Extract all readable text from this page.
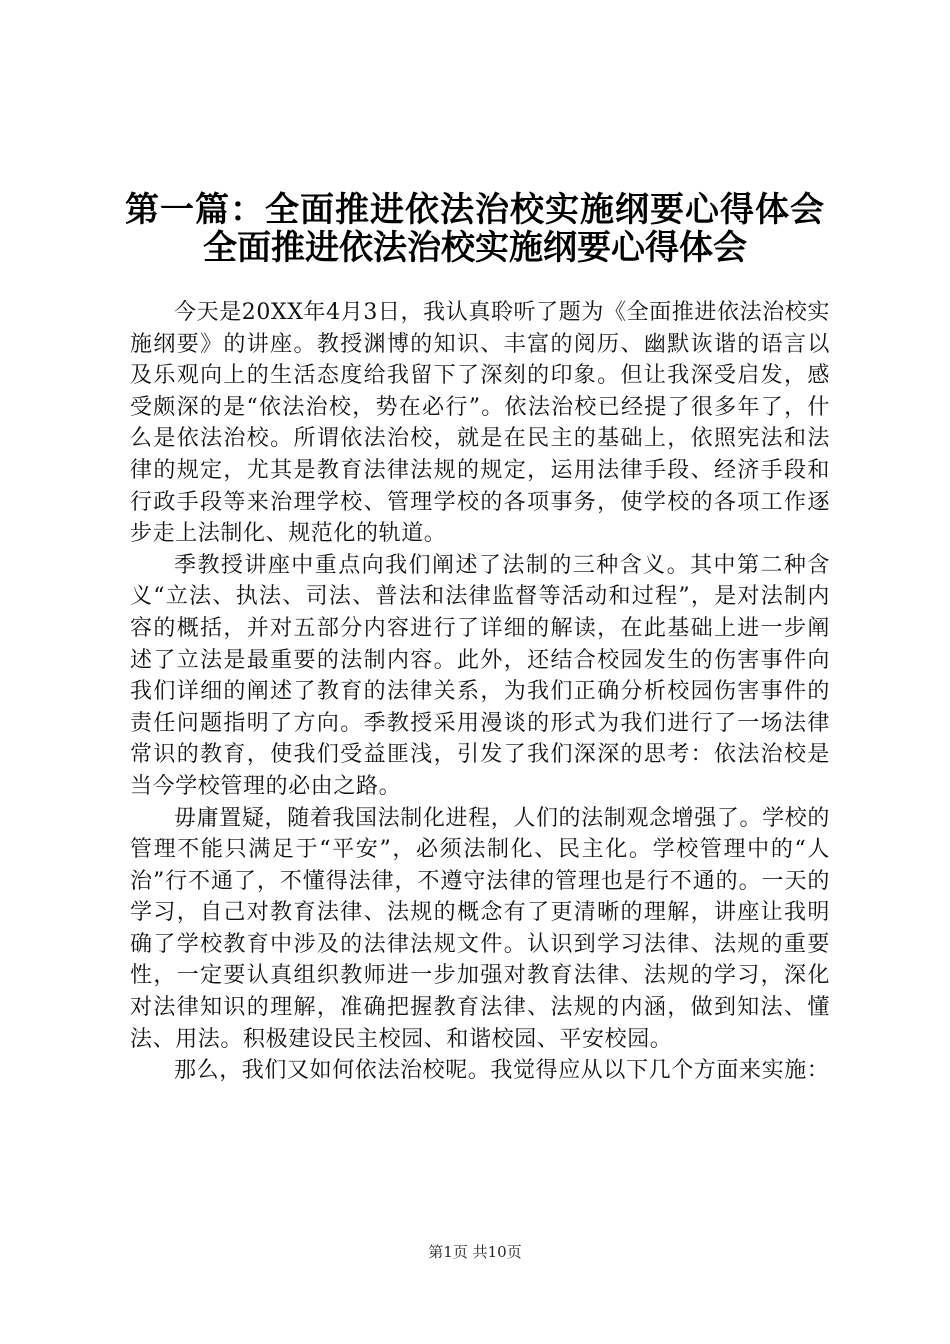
第一篇：全面推进依法治校实施纲要心得体会
全面推进依法治校实施纲要心得体会

今天是20XX年4月3日，我认真聆听了题为《全面推进依法治校实施纲要》的讲座。教授渊博的知识、丰富的阅历、幽默诙谐的语言以及乐观向上的生活态度给我留下了深刻的印象。但让我深受启发，感受颇深的是“依法治校，势在必行”。依法治校已经提了很多年了，什么是依法治校。所谓依法治校，就是在民主的基础上，依照宪法和法律的规定，尤其是教育法律法规的规定，运用法律手段、经济手段和行政手段等来治理学校、管理学校的各项事务，使学校的各项工作逐步走上法制化、规范化的轨道。

季教授讲座中重点向我们阐述了法制的三种含义。其中第二种含义“立法、执法、司法、普法和法律监督等活动和过程”，是对法制内容的概括，并对五部分内容进行了详细的解读，在此基础上进一步阐述了立法是最重要的法制内容。此外，还结合校园发生的伤害事件向我们详细的阐述了教育的法律关系，为我们正确分析校园伤害事件的责任问题指明了方向。季教授采用漫谈的形式为我们进行了一场法律常识的教育，使我们受益匪浅，引发了我们深深的思考：依法治校是当今学校管理的必由之路。

毋庸置疑，随着我国法制化进程，人们的法制观念增强了。学校的管理不能只满足于“平安”，必须法制化、民主化。学校管理中的“人治”行不通了，不懂得法律，不遵守法律的管理也是行不通的。一天的学习，自己对教育法律、法规的概念有了更清晰的理解，讲座让我明确了学校教育中涉及的法律法规文件。认识到学习法律、法规的重要性，一定要认真组织教师进一步加强对教育法律、法规的学习，深化对法律知识的理解，准确把握教育法律、法规的内涵，做到知法、懂法、用法。积极建设民主校园、和谐校园、平安校园。

那么，我们又如何依法治校呢。我觉得应从以下几个方面来实施：

第1页 共10页
